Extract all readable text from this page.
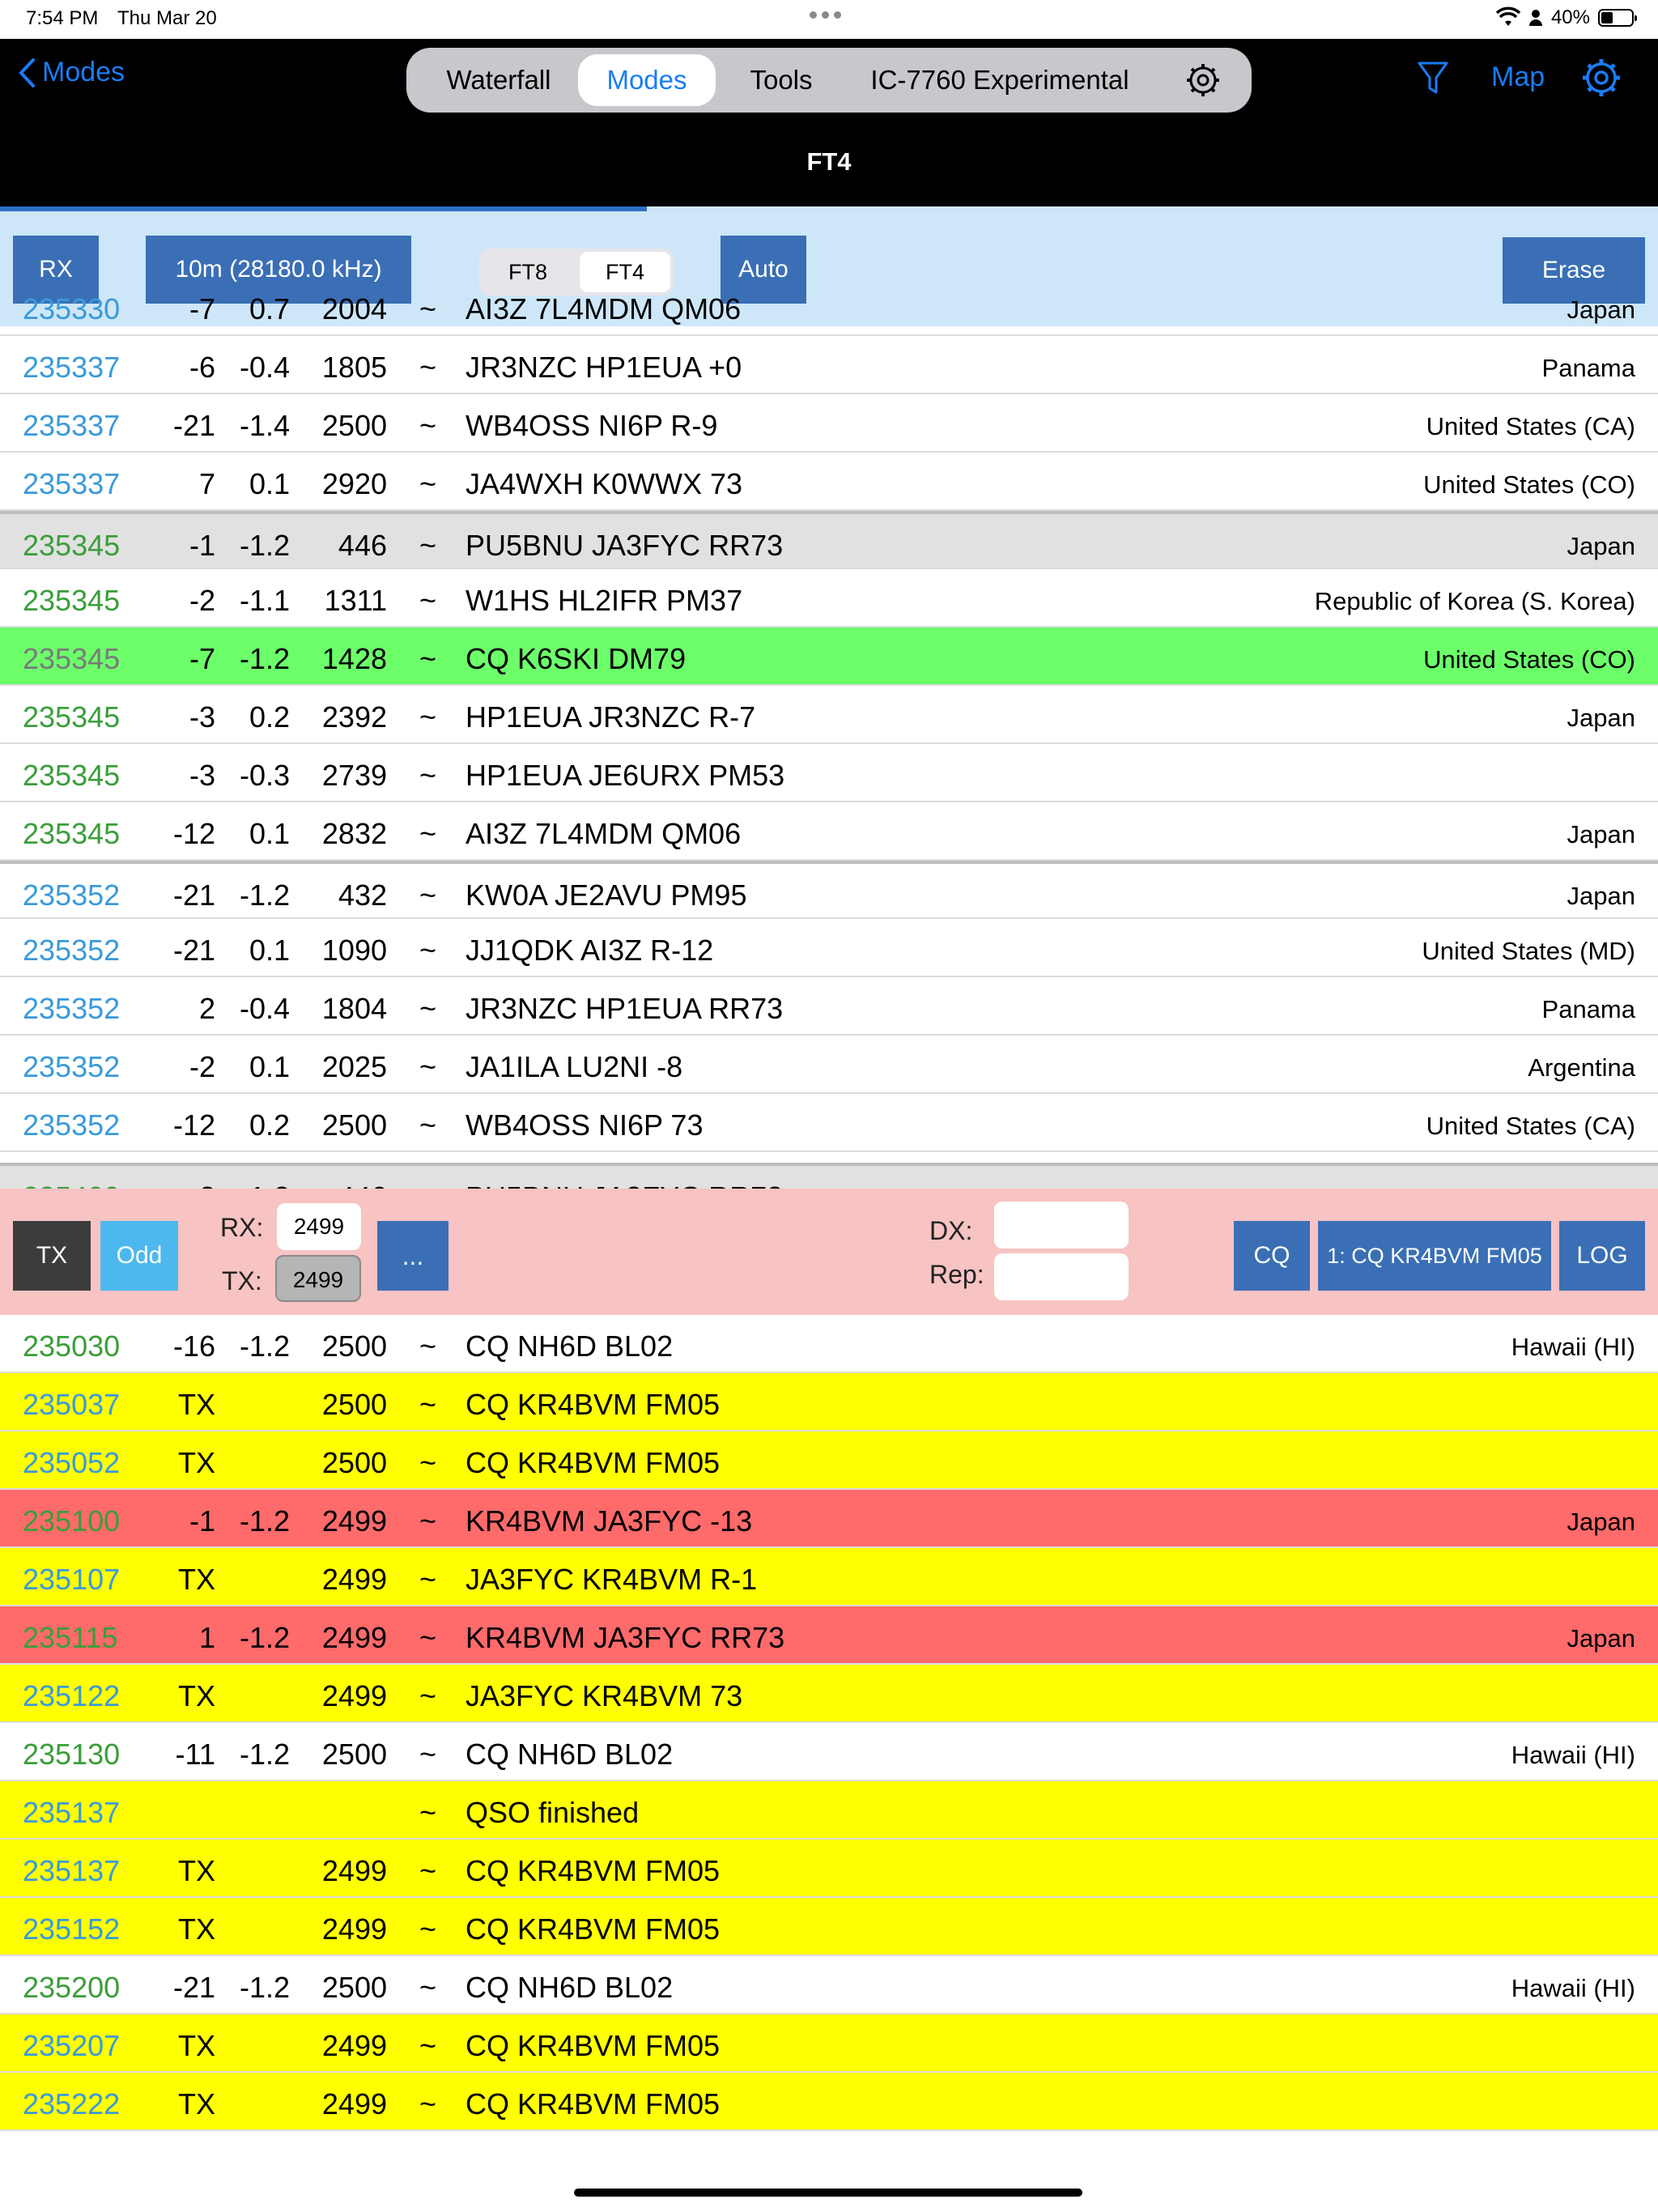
7:54 PM Thu Mar 20	40%
Modes	Waterfall	Modes	Tools	IC-7760 Experimental	Map
FT4
RX	10m (28180.0 kHz)	FT8	FT4	Auto	Erase
235330 -7 0.7 2004 ~ AI3Z 7L4MDM QM06	Japan
235337 -6 -0.4 1805 ~ JR3NZC HP1EUA +0	Panama
235337 -21 -1.4 2500 ~ WB4OSS NI6P R-9	United States (CA)
235337	7 0.1 2920 ~ JA4WXH K0WWX 73	United States (CO)
235345 -1 -1.2 446 ~ PU5BNU JA3FYC RR73	Japan
235345 -2 -1.1 1311 ~ W1HS HL2IFR PM37	Republic of Korea (S. Korea)
235345 -7 -1.2 1428 ~ CQ K6SKI DM79	United States (CO)
235345 -3 0.2 2392 ~ HP1EUA JR3NZC R-7	Japan
235345 -3 -0.3 2739 ~ HP1EUA JE6URX PM53
235345 -12 0.1 2832 ~ AI3Z 7L4MDM QM06	Japan
235352 -21 -1.2 432 ~ KW0A JE2AVU PM95	Japan
235352 -21 0.1 1090 ~ JJ1QDK AI3Z R-12	United States (MD)
235352	2 -0.4 1804 ~ JR3NZC HP1EUA RR73	Panama
235352 -2 0.1 2025 ~ JA1ILA LU2NI -8	Argentina
235352 -12 0.2 2500 ~ WB4OSS NI6P 73	United States (CA)
TX	Odd
RX:	2499
TX:	2499
...
DX:
Rep:
CQ	1: CQ KR4BVM FM05	LOG
235030 -16 -1.2 2500 ~ CQ NH6D BL02	Hawaii (HI)
235037 TX	2500 ~ CQ KR4BVM FM05
235052 TX	2500 ~ CQ KR4BVM FM05
235100 -1 -1.2 2499 ~ KR4BVM JA3FYC -13	Japan
235107 TX	2499 ~ JA3FYC KR4BVM R-1
235115	1 -1.2 2499 ~ KR4BVM JA3FYC RR73	Japan
235122 TX	2499 ~ JA3FYC KR4BVM 73
235130 -11 -1.2 2500 ~ CQ NH6D BL02	Hawaii (HI)
235137	~ QSO finished
235137 TX	2499 ~ CQ KR4BVM FM05
235152 TX	2499 ~ CQ KR4BVM FM05
235200 -21 -1.2 2500 ~ CQ NH6D BL02	Hawaii (HI)
235207 TX	2499 ~ CQ KR4BVM FM05
235222 TX	2499 ~ CQ KR4BVM FM05
